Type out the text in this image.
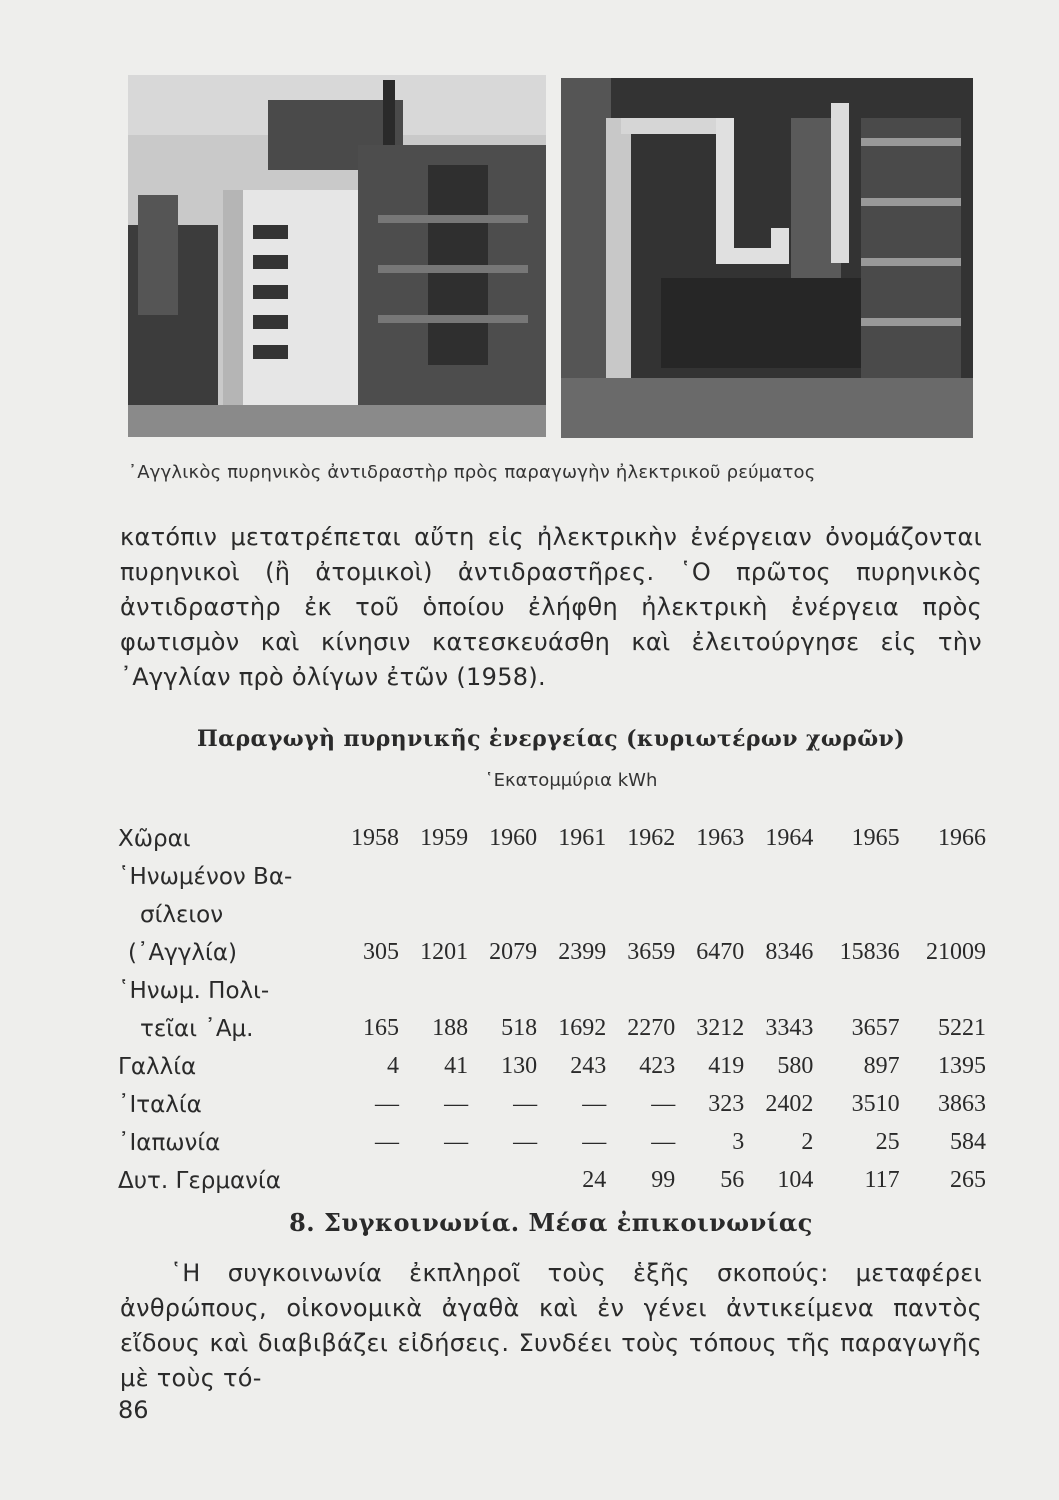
᾿Αγγλικὸς πυρηνικὸς ἀντιδραστὴρ πρὸς παραγωγὴν ἠλεκτρικοῦ ρεύματος

κατόπιν μετατρέπεται αὔτη εἰς ἠλεκτρικὴν ἐνέργειαν ὀνομάζονται πυρηνικοὶ (ἢ ἀτομικοὶ) ἀντιδραστῆρες. ῾Ο πρῶτος πυρηνικὸς ἀντιδραστὴρ ἐκ τοῦ ὁποίου ἐλήφθη ἠλεκτρικὴ ἐνέργεια πρὸς φωτισμὸν καὶ κίνησιν κατεσκευάσθη καὶ ἐλειτούργησε εἰς τὴν ᾿Αγγλίαν πρὸ ὀλίγων ἐτῶν (1958).

Παραγωγὴ πυρηνικῆς ἐνεργείας (κυριωτέρων χωρῶν)
῾Εκατομμύρια kWh
Χῶραι	1958	1959	1960	1961	1962	1963	1964	1965	1966
῾Ηνωμένον Βα-									
σίλειον									
(᾿Αγγλία)	305	1201	2079	2399	3659	6470	8346	15836	21009
῾Ηνωμ. Πολι-									
τεῖαι ᾿Αμ.	165	188	518	1692	2270	3212	3343	3657	5221
Γαλλία	4	41	130	243	423	419	580	897	1395
᾿Ιταλία	—	—	—	—	—	323	2402	3510	3863
᾿Ιαπωνία	—	—	—	—	—	3	2	25	584
Δυτ. Γερμανία				24	99	56	104	117	265
8. Συγκοινωνία. Μέσα ἐπικοινωνίας

῾Η συγκοινωνία ἐκπληροῖ τοὺς ἑξῆς σκοπούς: μεταφέρει ἀνθρώπους, οἰκονομικὰ ἀγαθὰ καὶ ἐν γένει ἀντικείμενα παντὸς εἴδους καὶ διαβιβάζει εἰδήσεις. Συνδέει τοὺς τόπους τῆς παραγωγῆς μὲ τοὺς τό-

86
